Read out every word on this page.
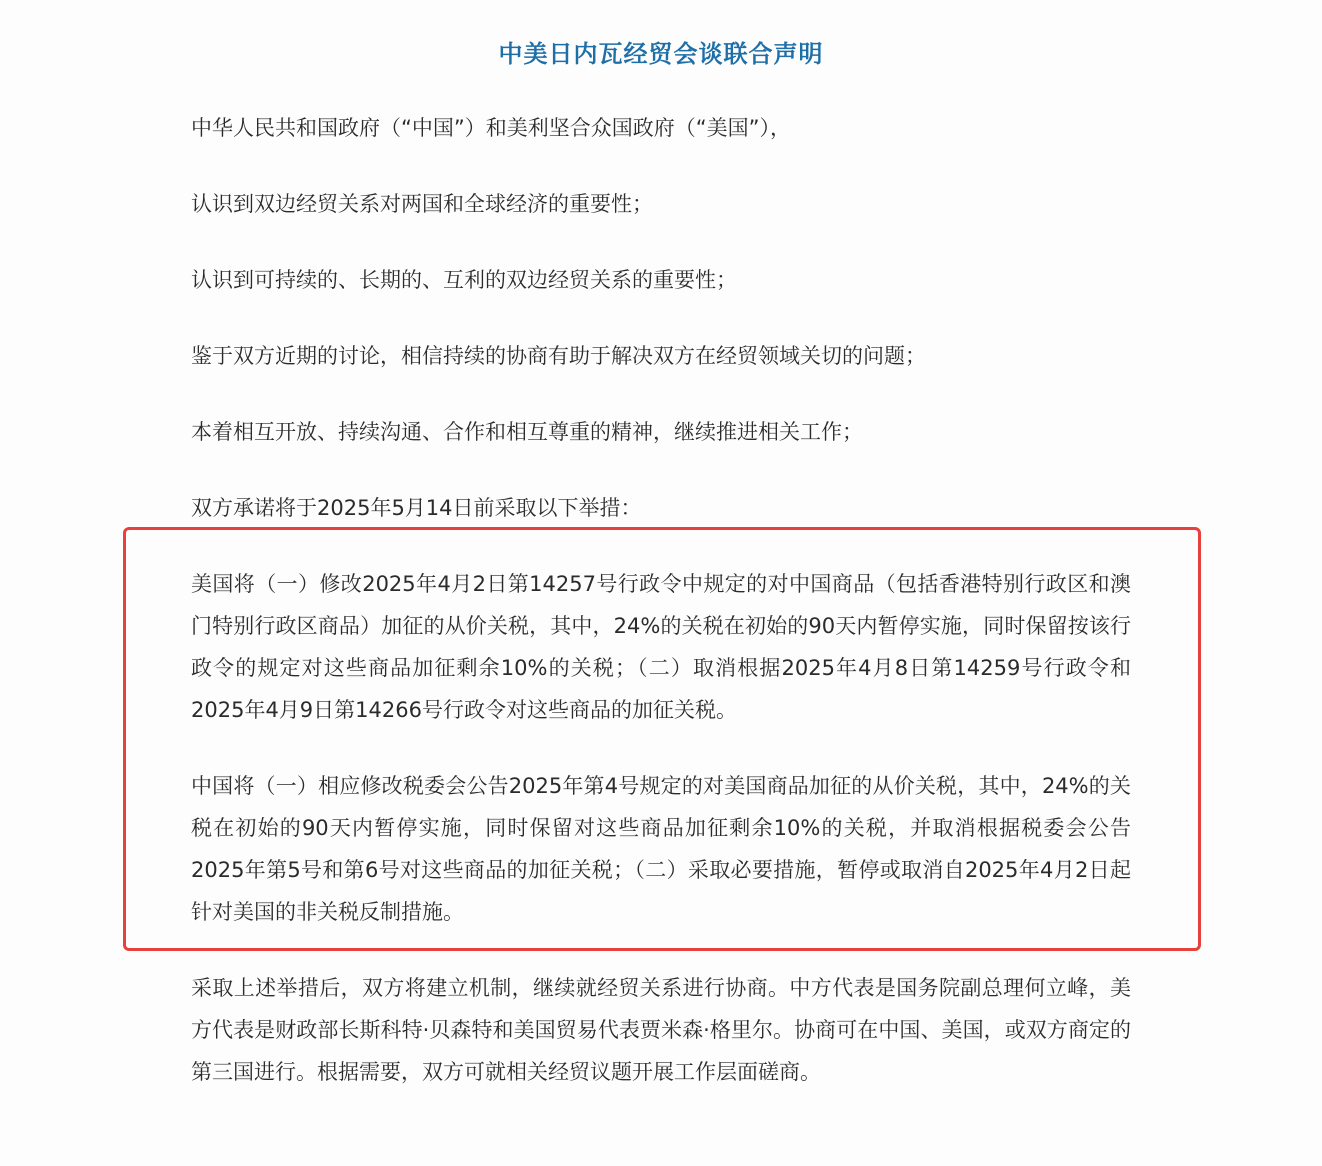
中美日内瓦经贸会谈联合声明

中华人民共和国政府（“中国”）和美利坚合众国政府（“美国”），

认识到双边经贸关系对两国和全球经济的重要性；

认识到可持续的、长期的、互利的双边经贸关系的重要性；

鉴于双方近期的讨论，相信持续的协商有助于解决双方在经贸领域关切的问题；

本着相互开放、持续沟通、合作和相互尊重的精神，继续推进相关工作；

双方承诺将于2025年5月14日前采取以下举措：

美国将（一）修改2025年4月2日第14257号行政令中规定的对中国商品（包括香港特别行政区和澳门特别行政区商品）加征的从价关税，其中，24%的关税在初始的90天内暂停实施，同时保留按该行政令的规定对这些商品加征剩余10%的关税；（二）取消根据2025年4月8日第14259号行政令和2025年4月9日第14266号行政令对这些商品的加征关税。

中国将（一）相应修改税委会公告2025年第4号规定的对美国商品加征的从价关税，其中，24%的关税在初始的90天内暂停实施，同时保留对这些商品加征剩余10%的关税，并取消根据税委会公告2025年第5号和第6号对这些商品的加征关税；（二）采取必要措施，暂停或取消自2025年4月2日起针对美国的非关税反制措施。

采取上述举措后，双方将建立机制，继续就经贸关系进行协商。中方代表是国务院副总理何立峰，美方代表是财政部长斯科特·贝森特和美国贸易代表贾米森·格里尔。协商可在中国、美国，或双方商定的第三国进行。根据需要，双方可就相关经贸议题开展工作层面磋商。
